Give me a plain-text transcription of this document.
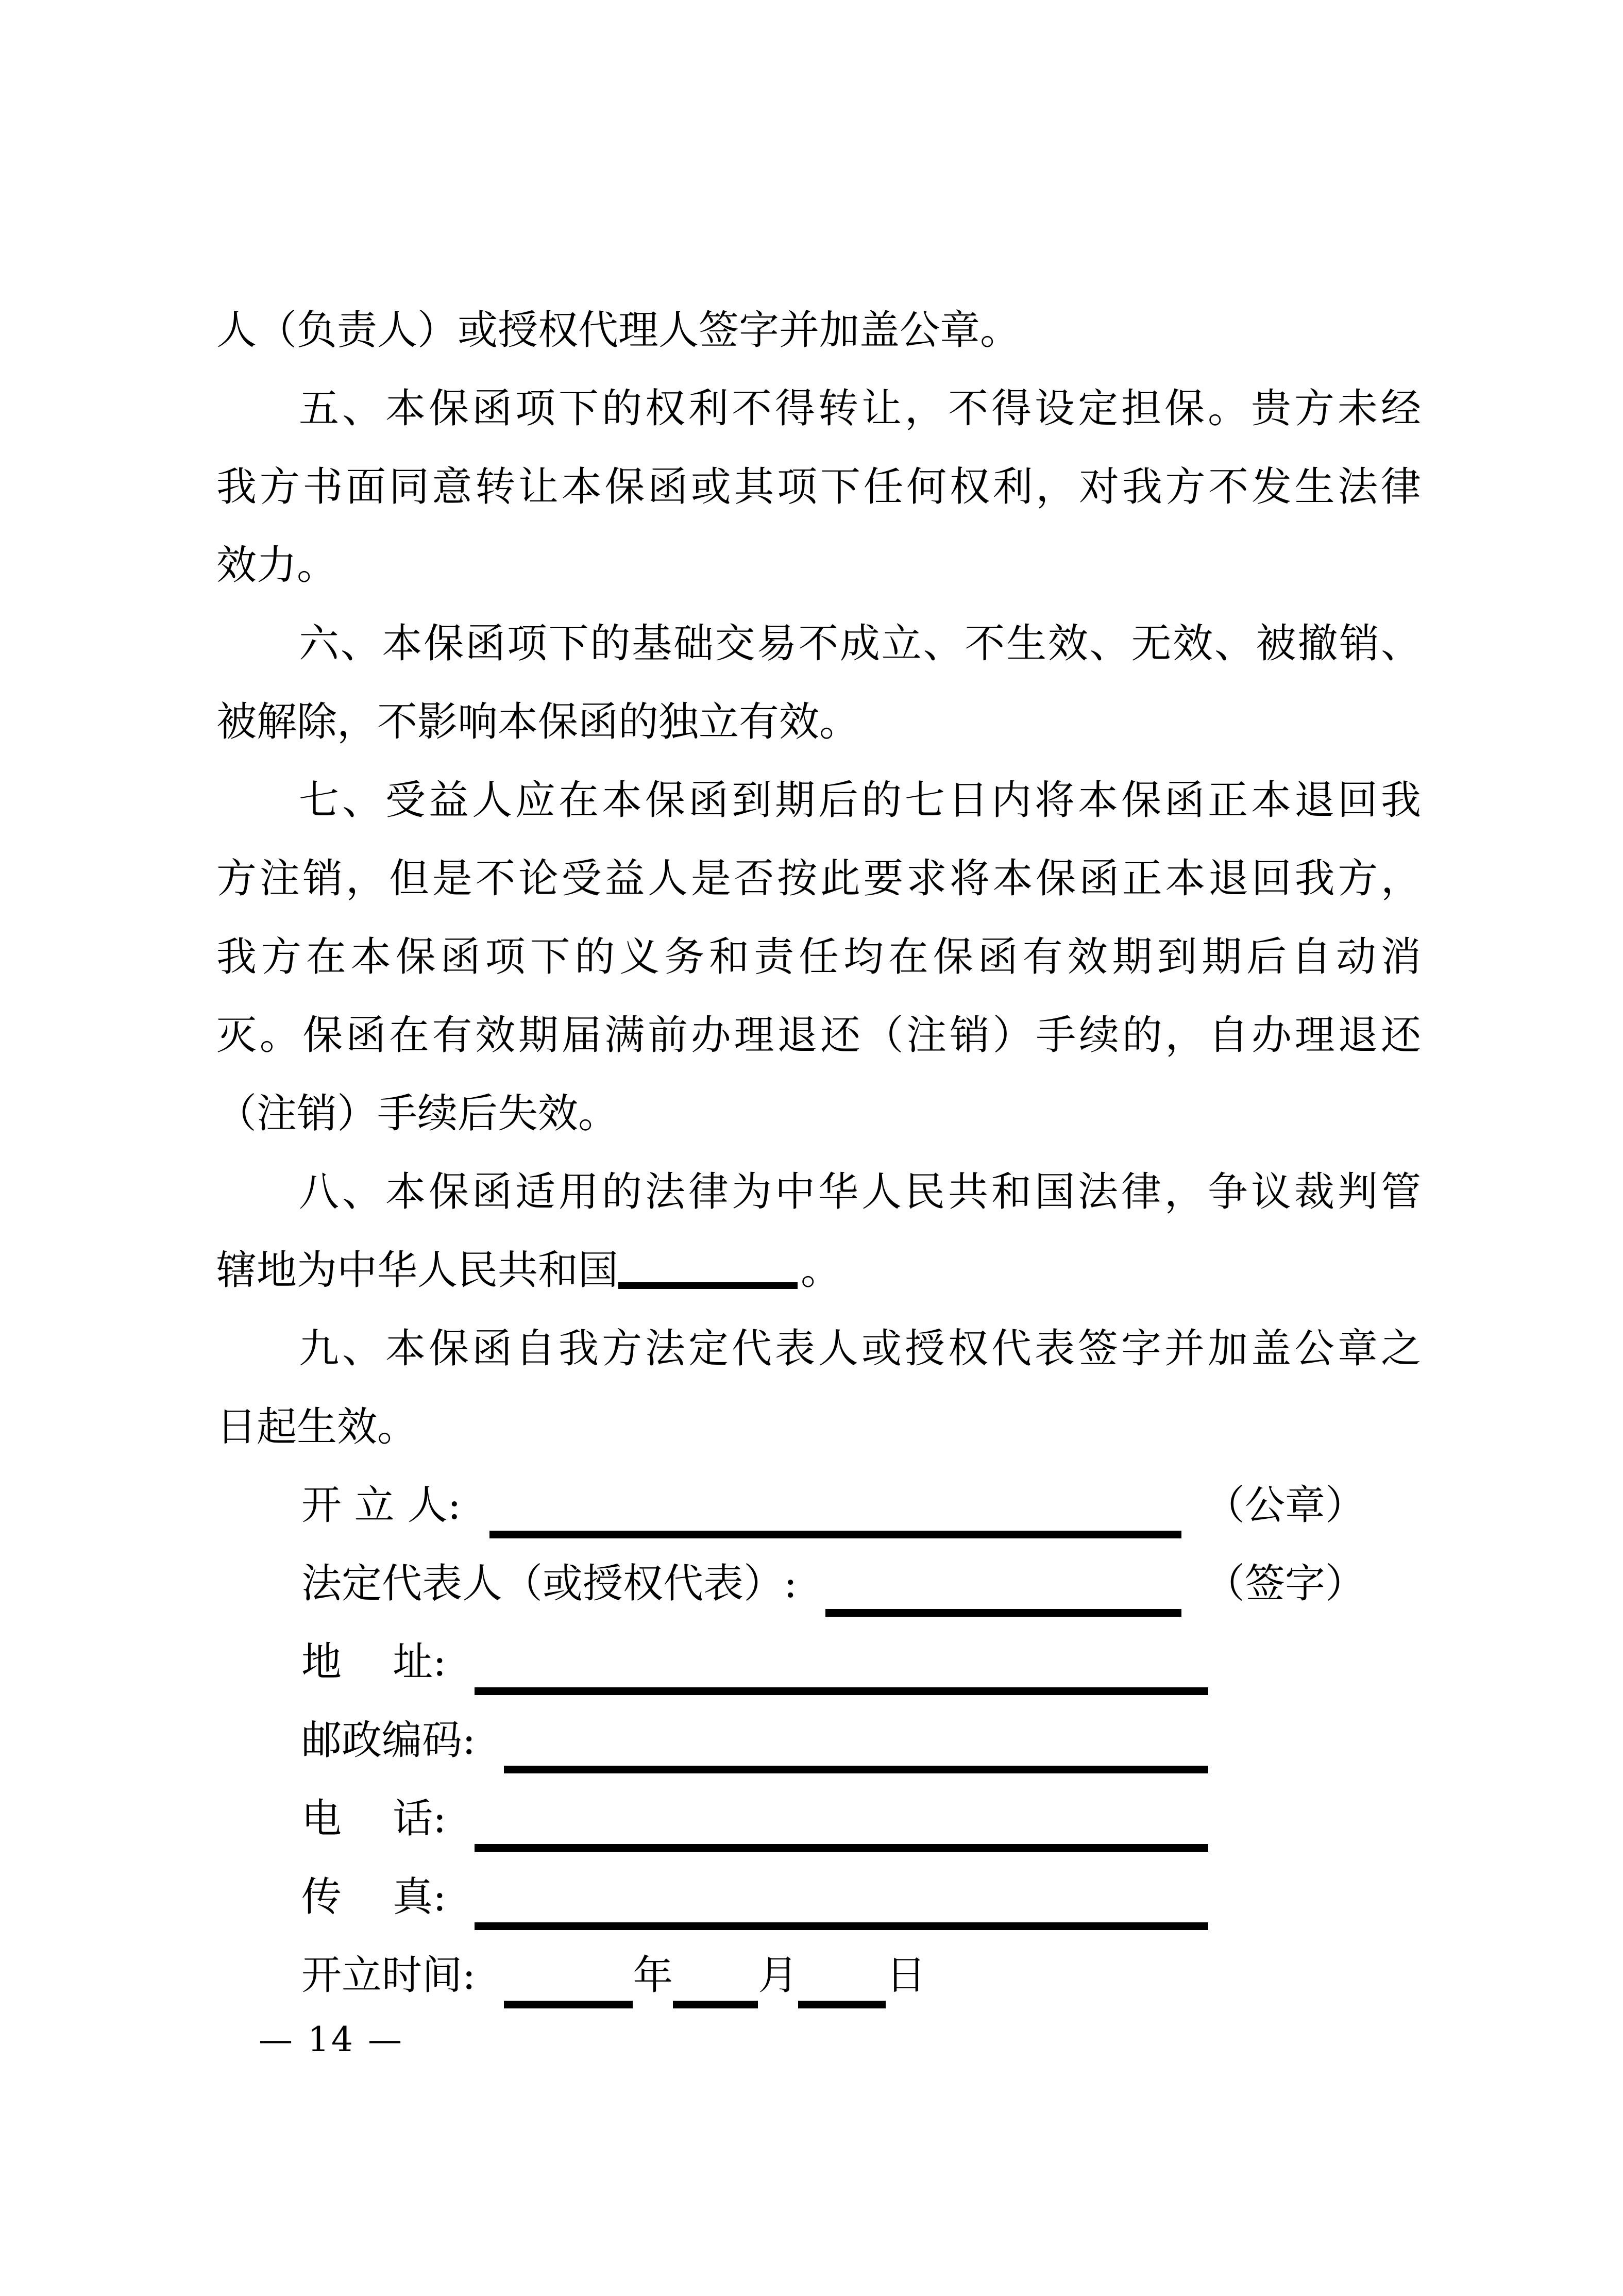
人（负责人）或授权代理人签字并加盖公章。
五、本保函项下的权利不得转让，不得设定担保。贵方未经
我方书面同意转让本保函或其项下任何权利，对我方不发生法律
效力。
六、本保函项下的基础交易不成立、不生效、无效、被撤销、
被解除，不影响本保函的独立有效。
七、受益人应在本保函到期后的七日内将本保函正本退回我
方注销，但是不论受益人是否按此要求将本保函正本退回我方，
我方在本保函项下的义务和责任均在保函有效期到期后自动消
灭。保函在有效期届满前办理退还（注销）手续的，自办理退还
（注销）手续后失效。
八、本保函适用的法律为中华人民共和国法律，争议裁判管
辖地为中华人民共和国	。
九、本保函自我方法定代表人或授权代表签字并加盖公章之
日起生效。
开 立 人:	（公章）
法定代表人（或授权代表）:	（签字）
地    址:
邮政编码:
电    话:
传    真:
开立时间:	年 月 日
— 14 —
